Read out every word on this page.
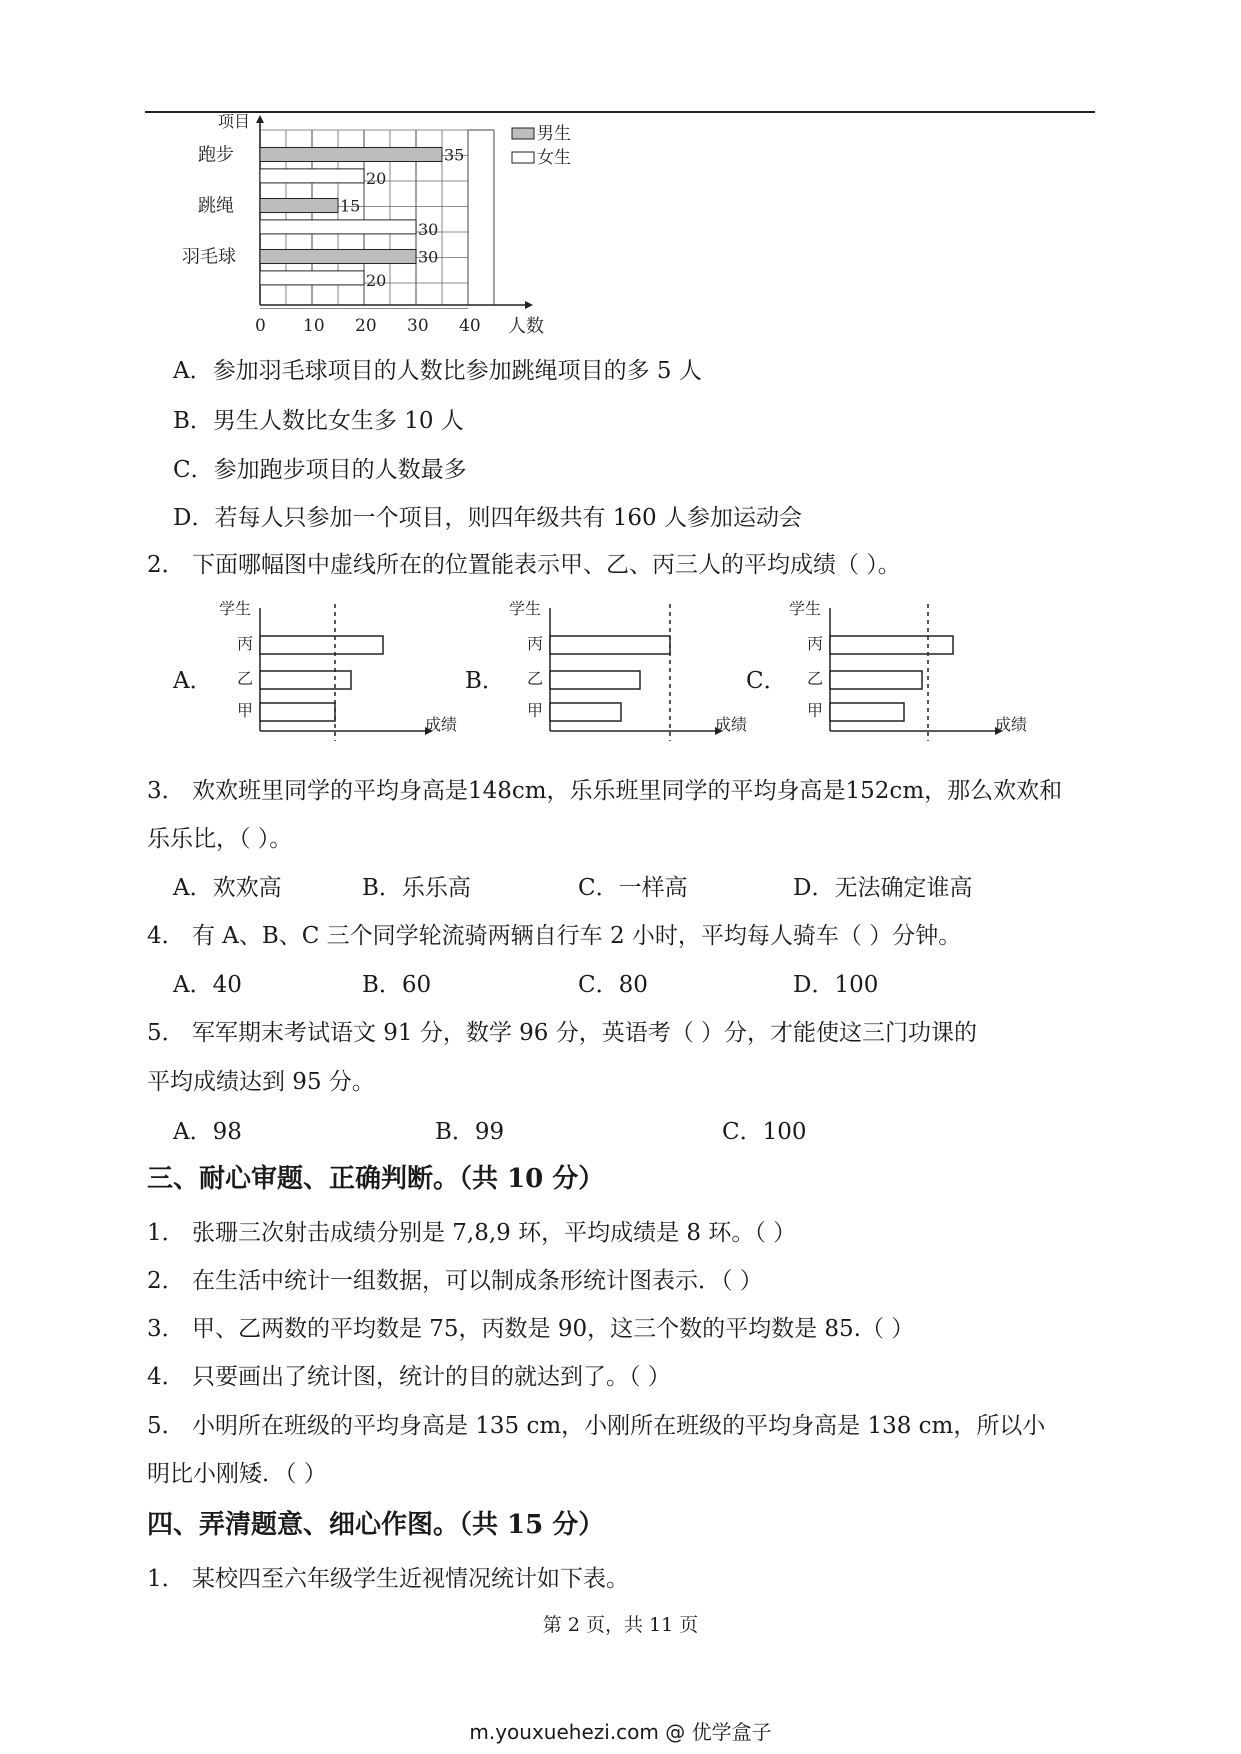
项目
人数
0 10 20 30 40
跑步	35
20
跳绳	15
30
羽毛球	30
20
男生
女生
A．参加羽毛球项目的人数比参加跳绳项目的多 5 人
B．男生人数比女生多 10 人
C．参加跑步项目的人数最多
D．若每人只参加一个项目，则四年级共有 160 人参加运动会
2． 下面哪幅图中虚线所在的位置能表示甲、乙、丙三人的平均成绩（ ）。
A．	B．	C．
学生
成绩
丙
乙
甲
学生
成绩
丙
乙
甲
学生
成绩
丙
乙
甲
3． 欢欢班里同学的平均身高是148cm，乐乐班里同学的平均身高是152cm，那么欢欢和
乐乐比，（ ）。
A．欢欢高	B．乐乐高	C．一样高	D．无法确定谁高
4． 有 A、B、C 三个同学轮流骑两辆自行车 2 小时，平均每人骑车（ ）分钟。
A．40	B．60	C．80	D．100
5． 军军期末考试语文 91 分，数学 96 分，英语考（ ）分，才能使这三门功课的
平均成绩达到 95 分。
A．98	B．99	C．100
三、耐心审题、正确判断。（共 10 分）
1． 张珊三次射击成绩分别是 7,8,9 环，平均成绩是 8 环。（ ）
2． 在生活中统计一组数据，可以制成条形统计图表示．（ ）
3． 甲、乙两数的平均数是 75，丙数是 90，这三个数的平均数是 85.（ ）
4． 只要画出了统计图，统计的目的就达到了。（ ）
5． 小明所在班级的平均身高是 135 cm，小刚所在班级的平均身高是 138 cm，所以小
明比小刚矮．（ ）
四、弄清题意、细心作图。（共 15 分）
1． 某校四至六年级学生近视情况统计如下表。
第 2 页，共 11 页
m.youxuehezi.com @ 优学盒子
